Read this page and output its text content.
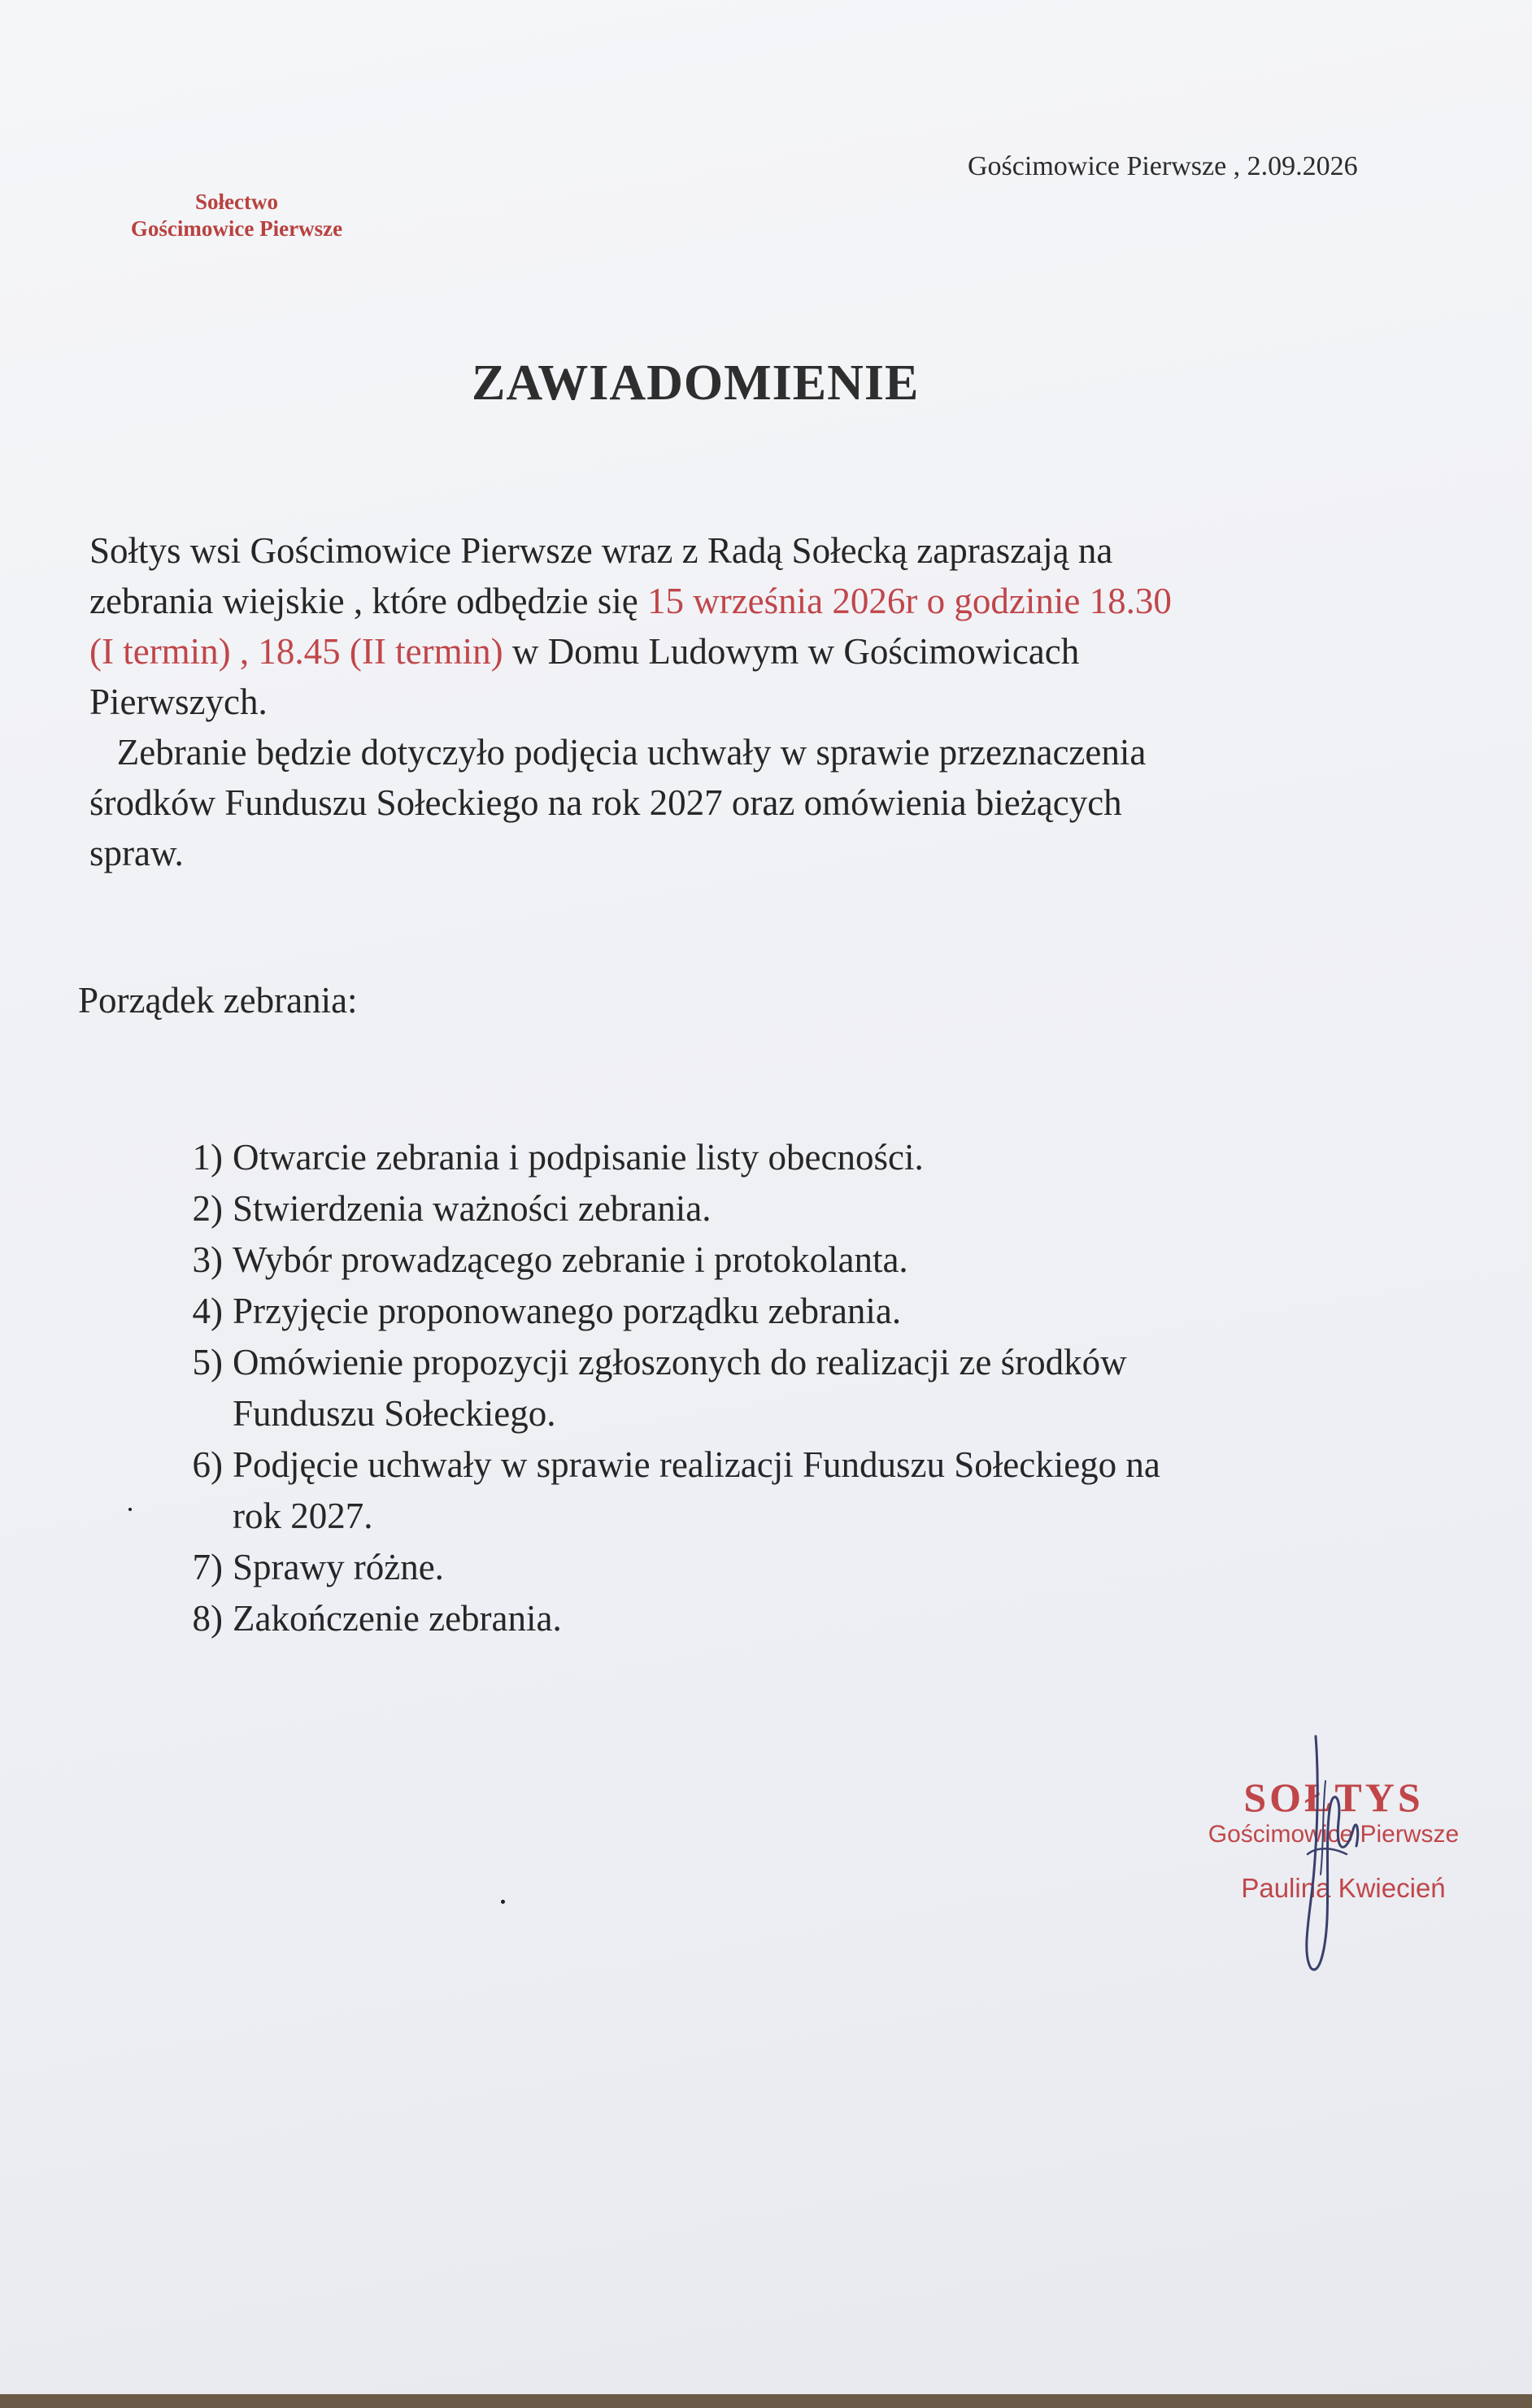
Sołectwo
Gościmowice Pierwsze
Gościmowice Pierwsze , 2.09.2026
ZAWIADOMIENIE
Sołtys wsi Gościmowice Pierwsze wraz z Radą Sołecką zapraszają na
zebrania wiejskie , które odbędzie się 15 września 2026r o godzinie 18.30
(I termin) , 18.45 (II termin) w Domu Ludowym w Gościmowicach
Pierwszych.
Zebranie będzie dotyczyło podjęcia uchwały w sprawie przeznaczenia
środków Funduszu Sołeckiego na rok 2027 oraz omówienia bieżących
spraw.
Porządek zebrania:
1) Otwarcie zebrania i podpisanie listy obecności.
2) Stwierdzenia ważności zebrania.
3) Wybór prowadzącego zebranie i protokolanta.
4) Przyjęcie proponowanego porządku zebrania.
5) Omówienie propozycji zgłoszonych do realizacji ze środków
Funduszu Sołeckiego.
6) Podjęcie uchwały w sprawie realizacji Funduszu Sołeckiego na
rok 2027.
7) Sprawy różne.
8) Zakończenie zebrania.
SOŁTYS
Gościmowice Pierwsze
Paulina Kwiecień
